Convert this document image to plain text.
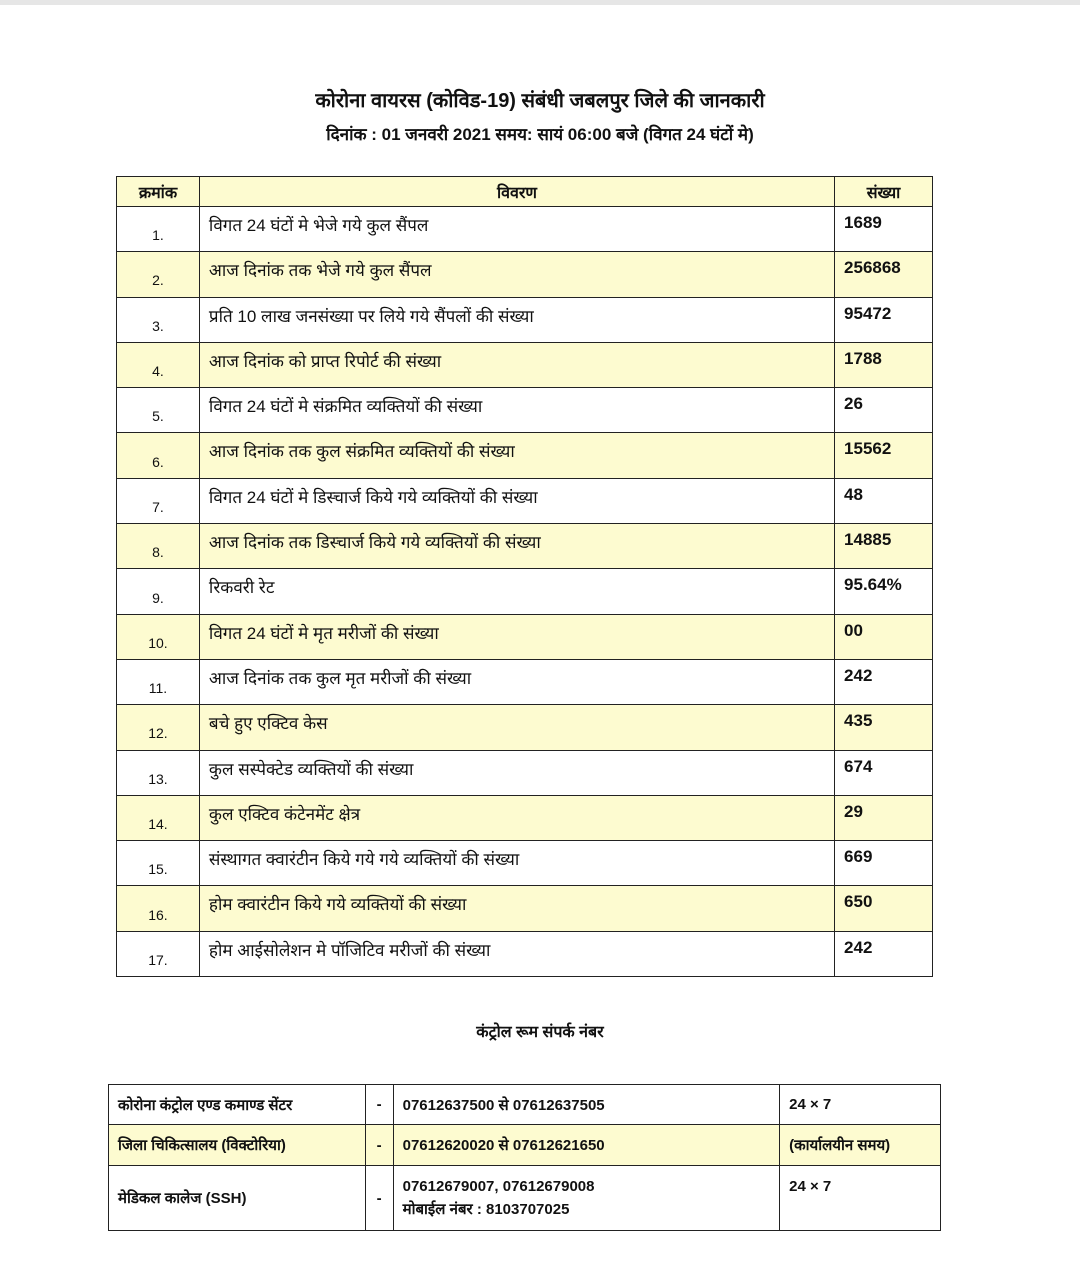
कोरोना वायरस (कोविड-19) संबंधी जबलपुर जिले की जानकारी
दिनांक : 01 जनवरी 2021 समय: सायं 06:00 बजे (विगत 24 घंटों मे)
क्रमांक	विवरण	संख्या
1.	विगत 24 घंटों मे भेजे गये कुल सैंपल	1689
2.	आज दिनांक तक भेजे गये कुल सैंपल	256868
3.	प्रति 10 लाख जनसंख्या पर लिये गये सैंपलों की संख्या	95472
4.	आज दिनांक को प्राप्त रिपोर्ट की संख्या	1788
5.	विगत 24 घंटों मे संक्रमित व्यक्तियों की संख्या	26
6.	आज दिनांक तक कुल संक्रमित व्यक्तियों की संख्या	15562
7.	विगत 24 घंटों मे डिस्चार्ज किये गये व्यक्तियों की संख्या	48
8.	आज दिनांक तक डिस्चार्ज किये गये व्यक्तियों की संख्या	14885
9.	रिकवरी रेट	95.64%
10.	विगत 24 घंटों मे मृत मरीजों की संख्या	00
11.	आज दिनांक तक कुल मृत मरीजों की संख्या	242
12.	बचे हुए एक्टिव केस	435
13.	कुल सस्पेक्टेड व्यक्तियों की संख्या	674
14.	कुल एक्टिव कंटेनमेंट क्षेत्र	29
15.	संस्थागत क्वारंटीन किये गये गये व्यक्तियों की संख्या	669
16.	होम क्वारंटीन किये गये व्यक्तियों की संख्या	650
17.	होम आईसोलेशन मे पॉजिटिव मरीजों की संख्या	242
कंट्रोल रूम संपर्क नंबर
कोरोना कंट्रोल एण्ड कमाण्ड सेंटर	-	07612637500 से 07612637505	24 × 7
जिला चिकित्सालय (विक्टोरिया)	-	07612620020 से 07612621650	(कार्यालयीन समय)
मेडिकल कालेज (SSH)	-	07612679007, 07612679008
मोबाईल नंबर : 8103707025	24 × 7
